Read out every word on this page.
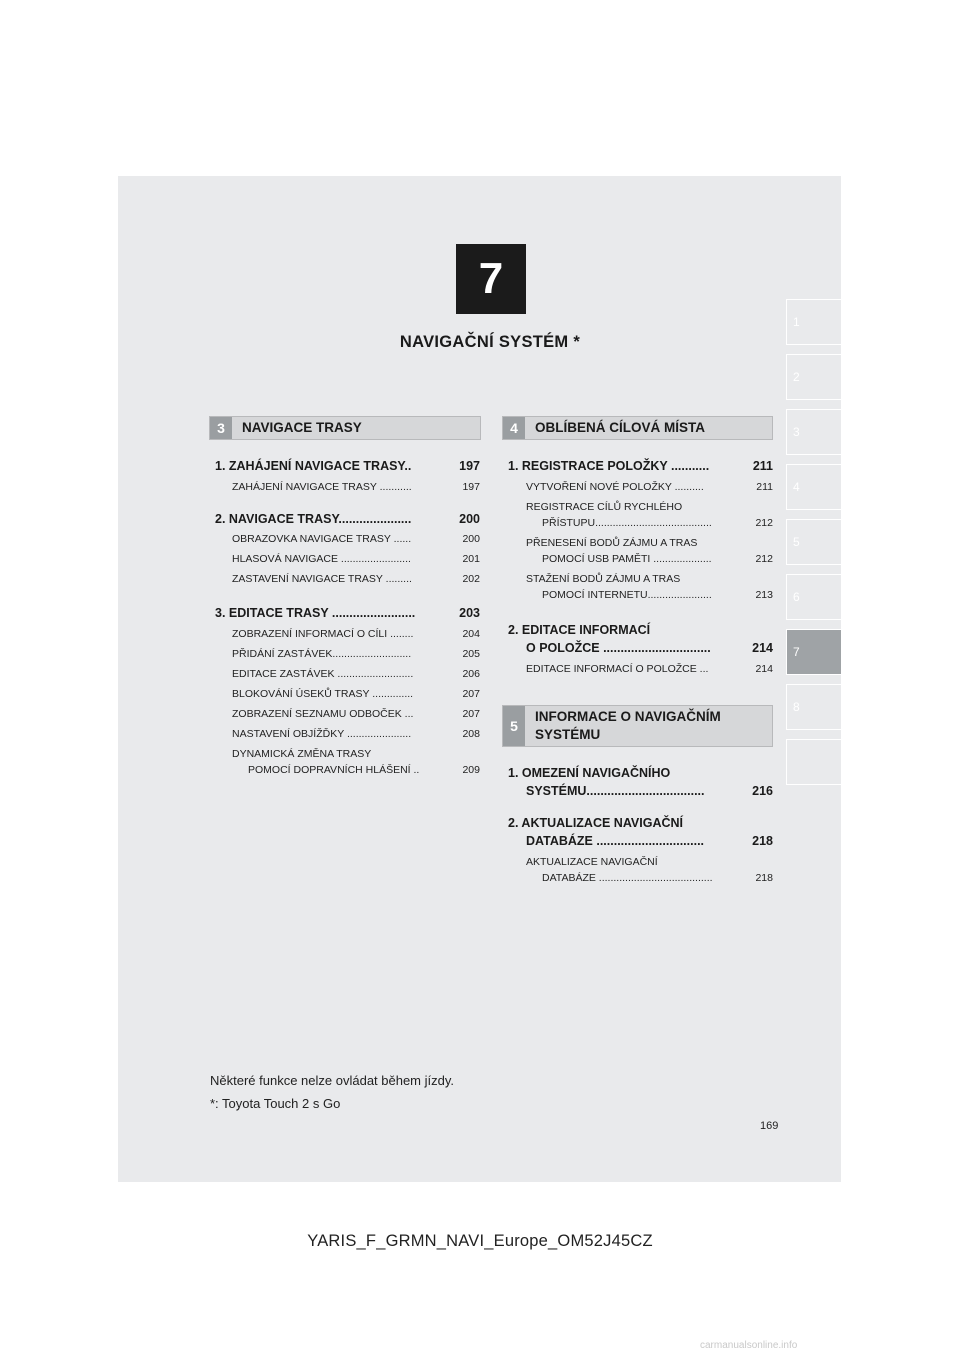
7
NAVIGAČNÍ SYSTÉM *
1
2
3
4
5
6
7
8
3	NAVIGACE TRASY	4	OBLÍBENÁ CÍLOVÁ MÍSTA
5
INFORMACE O NAVIGAČNÍM
SYSTÉMU
1. ZAHÁJENÍ NAVIGACE TRASY..	197
ZAHÁJENÍ NAVIGACE TRASY ...........	197
2. NAVIGACE TRASY.....................	200
OBRAZOVKA NAVIGACE TRASY ......	200
HLASOVÁ NAVIGACE ........................	201
ZASTAVENÍ NAVIGACE TRASY .........	202
3. EDITACE TRASY ........................	203
ZOBRAZENÍ INFORMACÍ O CÍLI ........	204
PŘIDÁNÍ ZASTÁVEK...........................	205
EDITACE ZASTÁVEK ..........................	206
BLOKOVÁNÍ ÚSEKŮ TRASY ..............	207
ZOBRAZENÍ SEZNAMU ODBOČEK ...	207
NASTAVENÍ OBJÍŽĎKY ......................	208
DYNAMICKÁ ZMĚNA TRASY
POMOCÍ DOPRAVNÍCH HLÁŠENÍ ..	209
1. REGISTRACE POLOŽKY ...........	211
VYTVOŘENÍ NOVÉ POLOŽKY ..........	211
REGISTRACE CÍLŮ RYCHLÉHO
PŘÍSTUPU........................................	212
PŘENESENÍ BODŮ ZÁJMU A TRAS
POMOCÍ USB PAMĚTI ....................	212
STAŽENÍ BODŮ ZÁJMU A TRAS
POMOCÍ INTERNETU......................	213
2. EDITACE INFORMACÍ
O POLOŽCE ...............................	214
EDITACE INFORMACÍ O POLOŽCE ...	214
1. OMEZENÍ NAVIGAČNÍHO
SYSTÉMU..................................	216
2. AKTUALIZACE NAVIGAČNÍ
DATABÁZE ...............................	218
AKTUALIZACE NAVIGAČNÍ
DATABÁZE .......................................	218
Některé funkce nelze ovládat během jízdy.
*: Toyota Touch 2 s Go
169
YARIS_F_GRMN_NAVI_Europe_OM52J45CZ
carmanualsonline.info
